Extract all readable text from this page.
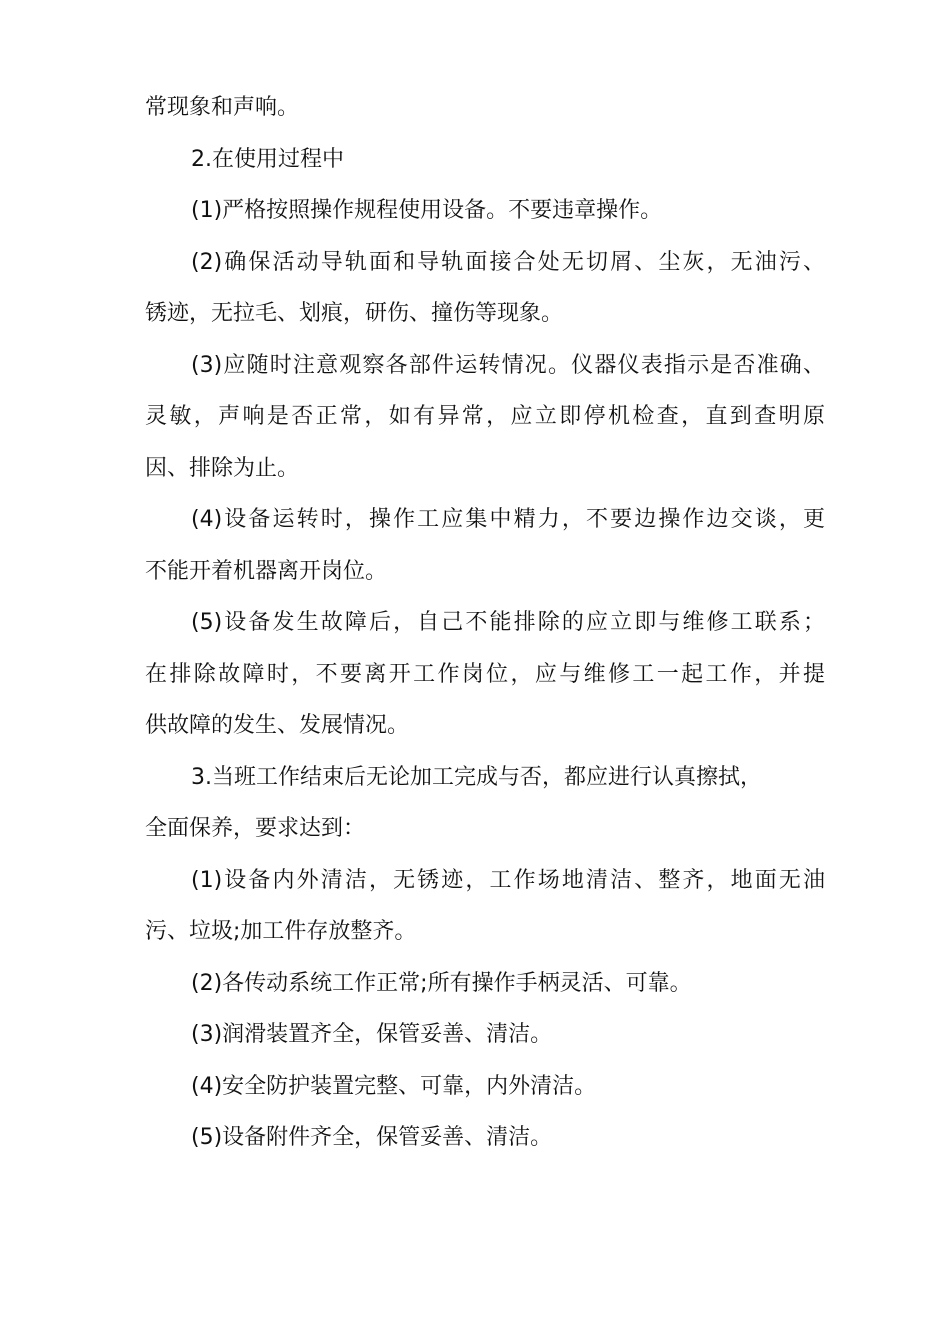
常现象和声响。
2.在使用过程中
(1)严格按照操作规程使用设备。不要违章操作。
(2)确保活动导轨面和导轨面接合处无切屑、尘灰，无油污、
锈迹，无拉毛、划痕，研伤、撞伤等现象。
(3)应随时注意观察各部件运转情况。仪器仪表指示是否准确、
灵敏，声响是否正常，如有异常，应立即停机检查，直到查明原
因、排除为止。
(4)设备运转时，操作工应集中精力，不要边操作边交谈，更
不能开着机器离开岗位。
(5)设备发生故障后，自己不能排除的应立即与维修工联系；
在排除故障时，不要离开工作岗位，应与维修工一起工作，并提
供故障的发生、发展情况。
3.当班工作结束后无论加工完成与否，都应进行认真擦拭，
全面保养，要求达到：
(1)设备内外清洁，无锈迹，工作场地清洁、整齐，地面无油
污、垃圾;加工件存放整齐。
(2)各传动系统工作正常;所有操作手柄灵活、可靠。
(3)润滑装置齐全，保管妥善、清洁。
(4)安全防护装置完整、可靠，内外清洁。
(5)设备附件齐全，保管妥善、清洁。
